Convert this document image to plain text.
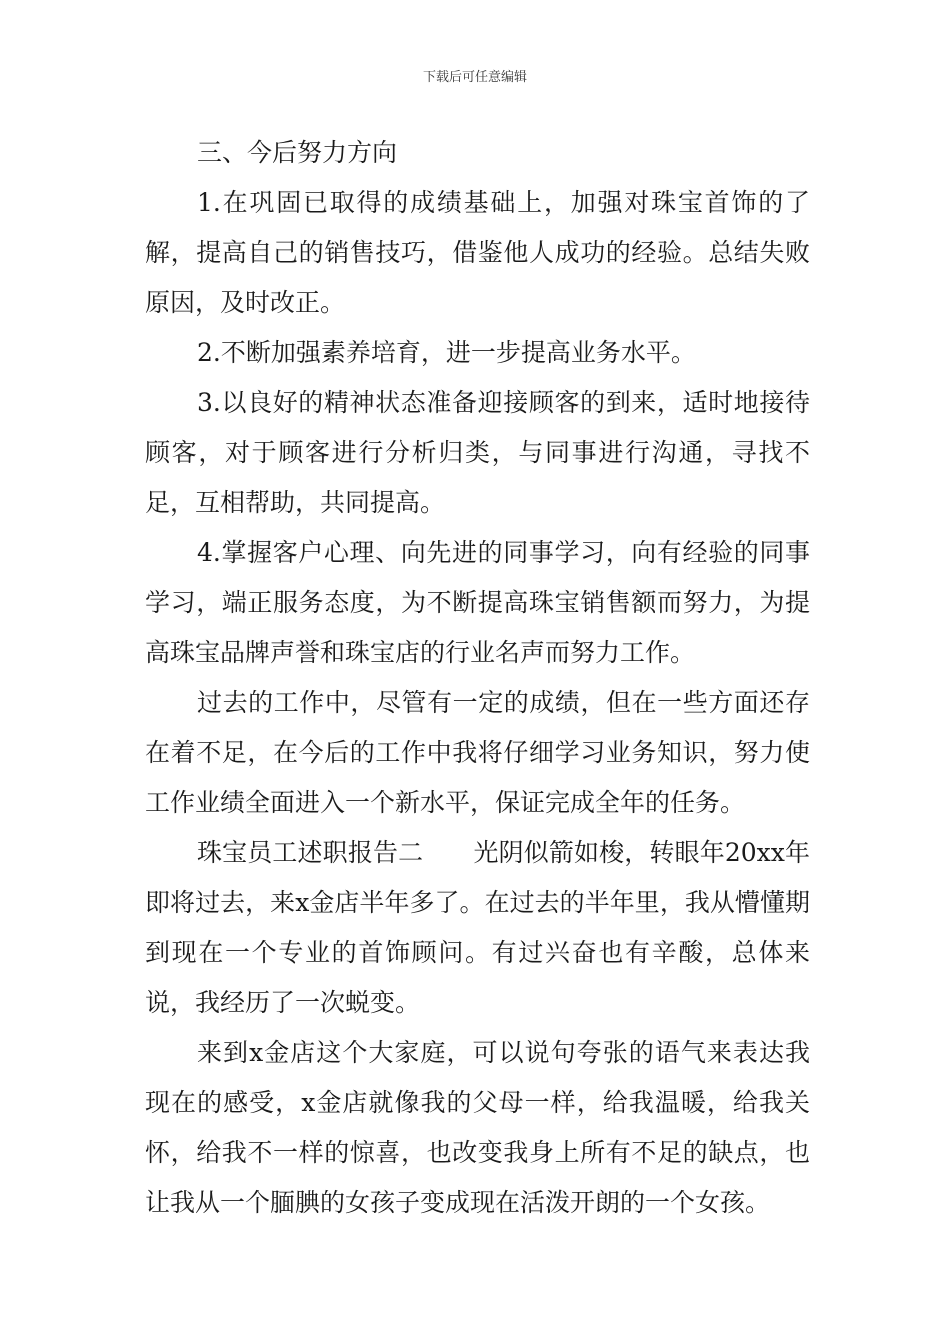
下载后可任意编辑

三、今后努力方向

1.在巩固已取得的成绩基础上，加强对珠宝首饰的了解，提高自己的销售技巧，借鉴他人成功的经验。总结失败原因，及时改正。

2.不断加强素养培育，进一步提高业务水平。

3.以良好的精神状态准备迎接顾客的到来，适时地接待顾客，对于顾客进行分析归类，与同事进行沟通，寻找不足，互相帮助，共同提高。

4.掌握客户心理、向先进的同事学习，向有经验的同事学习，端正服务态度，为不断提高珠宝销售额而努力，为提高珠宝品牌声誉和珠宝店的行业名声而努力工作。

过去的工作中，尽管有一定的成绩，但在一些方面还存在着不足，在今后的工作中我将仔细学习业务知识，努力使工作业绩全面进入一个新水平，保证完成全年的任务。

珠宝员工述职报告二　　光阴似箭如梭，转眼年20xx年即将过去，来x金店半年多了。在过去的半年里，我从懵懂期到现在一个专业的首饰顾问。有过兴奋也有辛酸，总体来说，我经历了一次蜕变。

来到x金店这个大家庭，可以说句夸张的语气来表达我现在的感受，x金店就像我的父母一样，给我温暖，给我关怀，给我不一样的惊喜，也改变我身上所有不足的缺点，也让我从一个腼腆的女孩子变成现在活泼开朗的一个女孩。
